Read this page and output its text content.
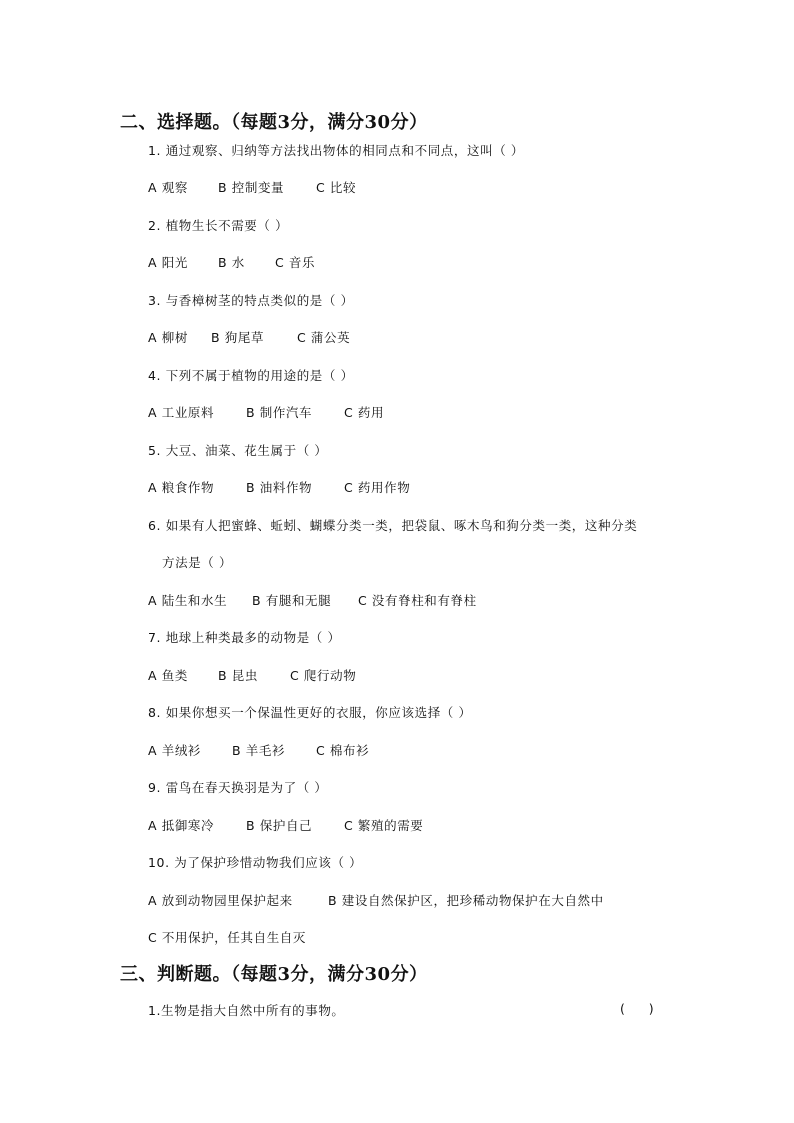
二、选择题。（每题3分，满分30分）
1. 通过观察、归纳等方法找出物体的相同点和不同点，这叫（ ）
A 观察 B 控制变量	C 比较
2. 植物生长不需要（ ）
A 阳光 B 水 C 音乐
3. 与香樟树茎的特点类似的是（ ）
A 柳树 B 狗尾草	C 蒲公英
4. 下列不属于植物的用途的是（ ）
A 工业原料	B 制作汽车	C 药用
5. 大豆、油菜、花生属于（ ）
A 粮食作物	B 油料作物	C 药用作物
6. 如果有人把蜜蜂、蚯蚓、蝴蝶分类一类，把袋鼠、啄木鸟和狗分类一类，这种分类
方法是（ ）
A 陆生和水生 B 有腿和无腿 C 没有脊柱和有脊柱
7. 地球上种类最多的动物是（ ）
A 鱼类 B 昆虫	C 爬行动物
8. 如果你想买一个保温性更好的衣服，你应该选择（ ）
A 羊绒衫 B 羊毛衫 C 棉布衫
9. 雷鸟在春天换羽是为了（ ）
A 抵御寒冷	B 保护自己	C 繁殖的需要
10. 为了保护珍惜动物我们应该（ ）
A 放到动物园里保护起来	B 建设自然保护区，把珍稀动物保护在大自然中
C 不用保护，任其自生自灭
三、判断题。（每题3分，满分30分）
1.生物是指大自然中所有的事物。	(      )
